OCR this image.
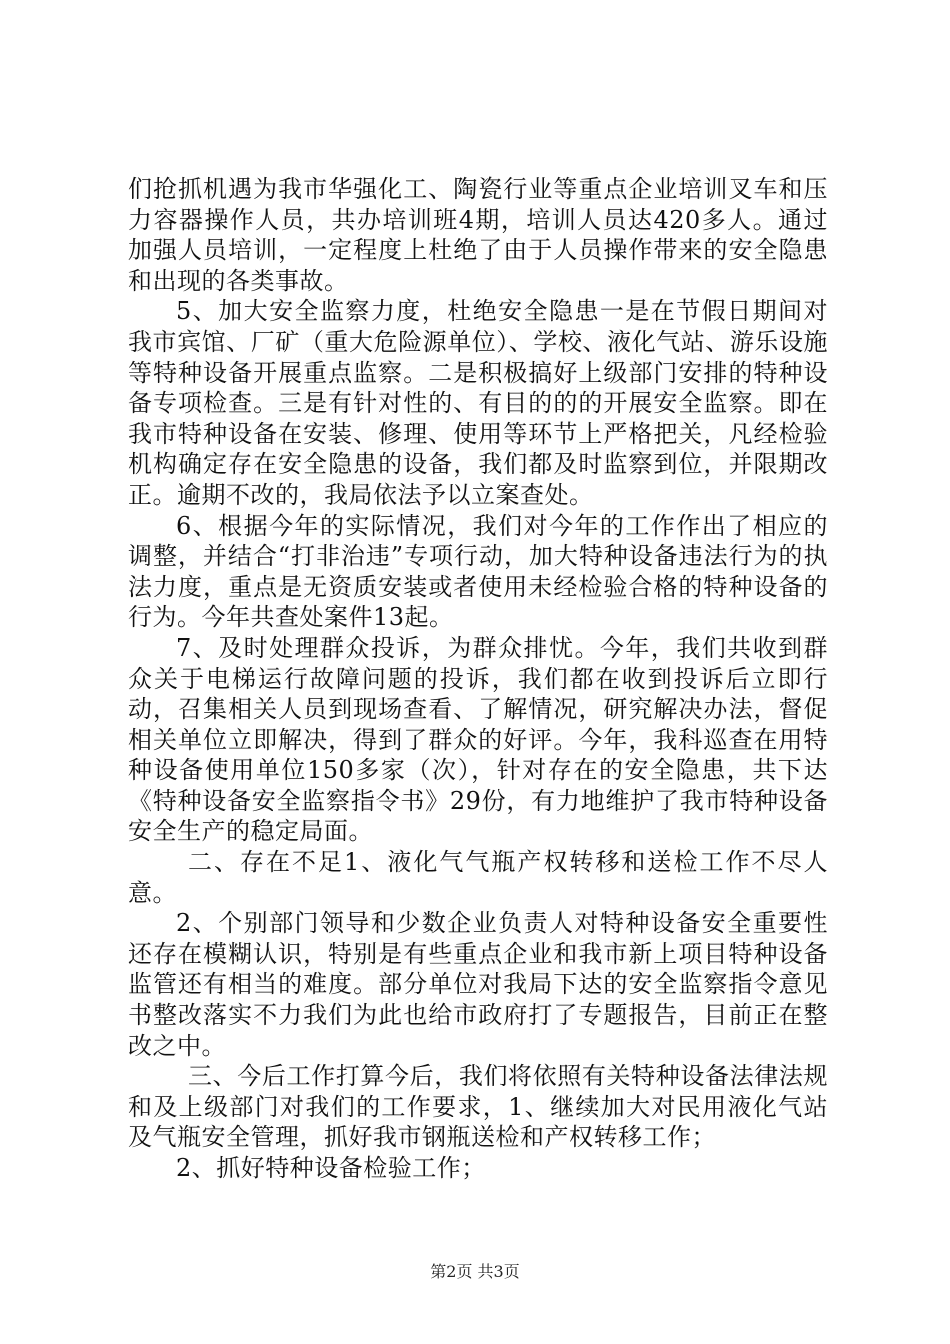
们抢抓机遇为我市华强化工、陶瓷行业等重点企业培训叉车和压力容器操作人员，共办培训班4期，培训人员达420多人。通过加强人员培训，一定程度上杜绝了由于人员操作带来的安全隐患和出现的各类事故。

5、加大安全监察力度，杜绝安全隐患一是在节假日期间对我市宾馆、厂矿（重大危险源单位）、学校、液化气站、游乐设施等特种设备开展重点监察。二是积极搞好上级部门安排的特种设备专项检查。三是有针对性的、有目的的的开展安全监察。即在我市特种设备在安装、修理、使用等环节上严格把关，凡经检验机构确定存在安全隐患的设备，我们都及时监察到位，并限期改正。逾期不改的，我局依法予以立案查处。

6、根据今年的实际情况，我们对今年的工作作出了相应的调整，并结合“打非治违”专项行动，加大特种设备违法行为的执法力度，重点是无资质安装或者使用未经检验合格的特种设备的行为。今年共查处案件13起。

7、及时处理群众投诉，为群众排忧。今年，我们共收到群众关于电梯运行故障问题的投诉，我们都在收到投诉后立即行动，召集相关人员到现场查看、了解情况，研究解决办法，督促相关单位立即解决，得到了群众的好评。今年，我科巡查在用特种设备使用单位150多家（次），针对存在的安全隐患，共下达《特种设备安全监察指令书》29份，有力地维护了我市特种设备安全生产的稳定局面。

二、存在不足1、液化气气瓶产权转移和送检工作不尽人意。

2、个别部门领导和少数企业负责人对特种设备安全重要性还存在模糊认识，特别是有些重点企业和我市新上项目特种设备监管还有相当的难度。部分单位对我局下达的安全监察指令意见书整改落实不力我们为此也给市政府打了专题报告，目前正在整改之中。

三、今后工作打算今后，我们将依照有关特种设备法律法规和及上级部门对我们的工作要求，1、继续加大对民用液化气站及气瓶安全管理，抓好我市钢瓶送检和产权转移工作；

2、抓好特种设备检验工作；

第2页 共3页
